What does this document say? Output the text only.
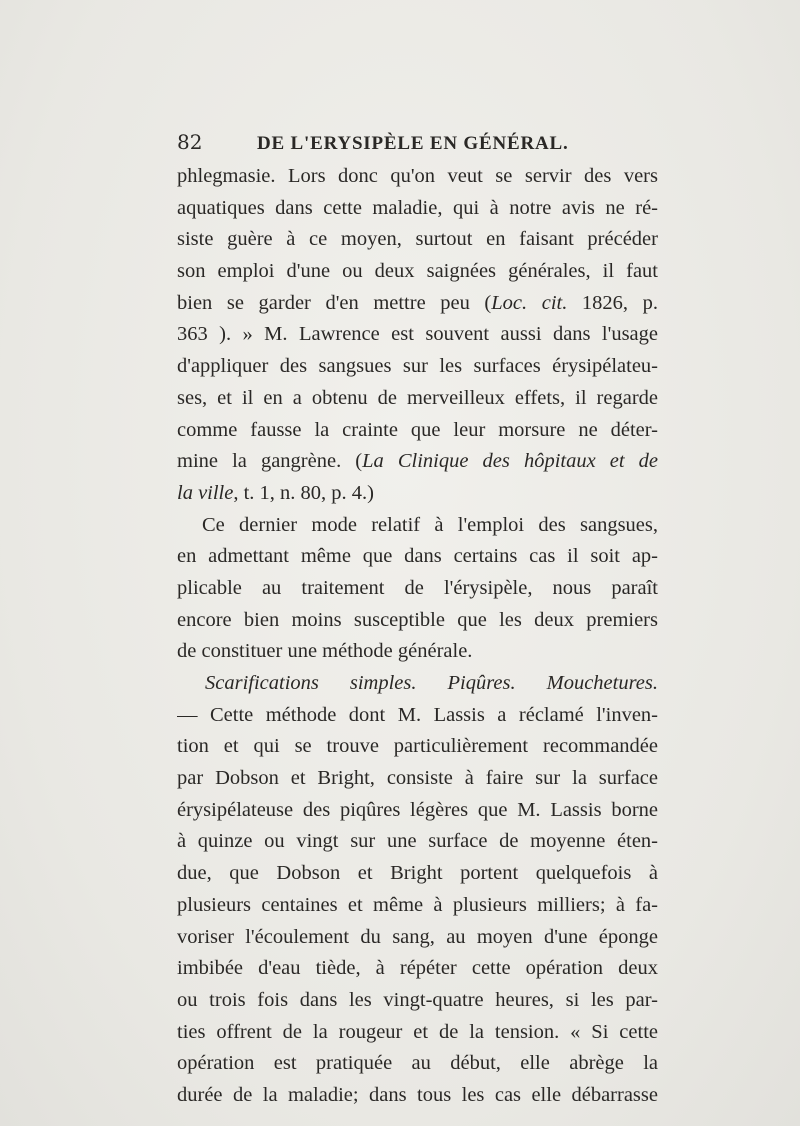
82	DE L'ERYSIPÈLE EN GÉNÉRAL.
phlegmasie. Lors donc qu'on veut se servir des vers
aquatiques dans cette maladie, qui à notre avis ne ré-
siste guère à ce moyen, surtout en faisant précéder
son emploi d'une ou deux saignées générales, il faut
bien se garder d'en mettre peu (Loc. cit. 1826, p.
363 ). » M. Lawrence est souvent aussi dans l'usage
d'appliquer des sangsues sur les surfaces érysipélateu-
ses, et il en a obtenu de merveilleux effets, il regarde
comme fausse la crainte que leur morsure ne déter-
mine la gangrène. (La Clinique des hôpitaux et de
la ville, t. 1, n. 80, p. 4.)
Ce dernier mode relatif à l'emploi des sangsues,
en admettant même que dans certains cas il soit ap-
plicable au traitement de l'érysipèle, nous paraît
encore bien moins susceptible que les deux premiers
de constituer une méthode générale.
Scarifications simples. Piqûres. Mouchetures.
— Cette méthode dont M. Lassis a réclamé l'inven-
tion et qui se trouve particulièrement recommandée
par Dobson et Bright, consiste à faire sur la surface
érysipélateuse des piqûres légères que M. Lassis borne
à quinze ou vingt sur une surface de moyenne éten-
due, que Dobson et Bright portent quelquefois à
plusieurs centaines et même à plusieurs milliers; à fa-
voriser l'écoulement du sang, au moyen d'une éponge
imbibée d'eau tiède, à répéter cette opération deux
ou trois fois dans les vingt-quatre heures, si les par-
ties offrent de la rougeur et de la tension. « Si cette
opération est pratiquée au début, elle abrège la
durée de la maladie; dans tous les cas elle débarrasse
